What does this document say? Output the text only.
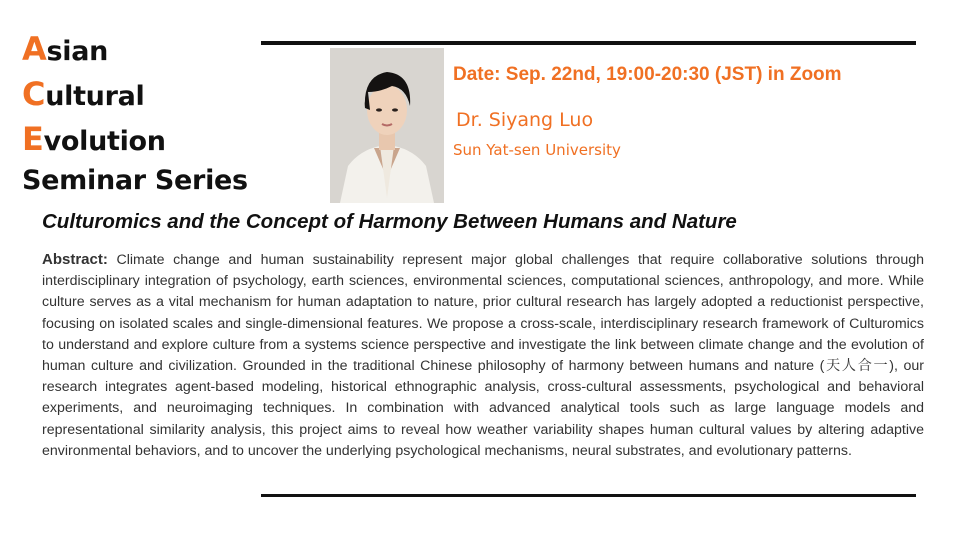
Asian
Cultural
Evolution
Seminar Series
Date: Sep. 22nd, 19:00-20:30 (JST) in Zoom
Dr. Siyang Luo
Sun Yat-sen University
Culturomics and the Concept of Harmony Between Humans and Nature
Abstract: Climate change and human sustainability represent major global challenges that require collaborative solutions through interdisciplinary integration of psychology, earth sciences, environmental sciences, computational sciences, anthropology, and more. While culture serves as a vital mechanism for human adaptation to nature, prior cultural research has largely adopted a reductionist perspective, focusing on isolated scales and single-dimensional features. We propose a cross-scale, interdisciplinary research framework of Culturomics to understand and explore culture from a systems science perspective and investigate the link between climate change and the evolution of human culture and civilization. Grounded in the traditional Chinese philosophy of harmony between humans and nature (天人合一), our research integrates agent-based modeling, historical ethnographic analysis, cross-cultural assessments, psychological and behavioral experiments, and neuroimaging techniques. In combination with advanced analytical tools such as large language models and representational similarity analysis, this project aims to reveal how weather variability shapes human cultural values by altering adaptive environmental behaviors, and to uncover the underlying psychological mechanisms, neural substrates, and evolutionary patterns.
